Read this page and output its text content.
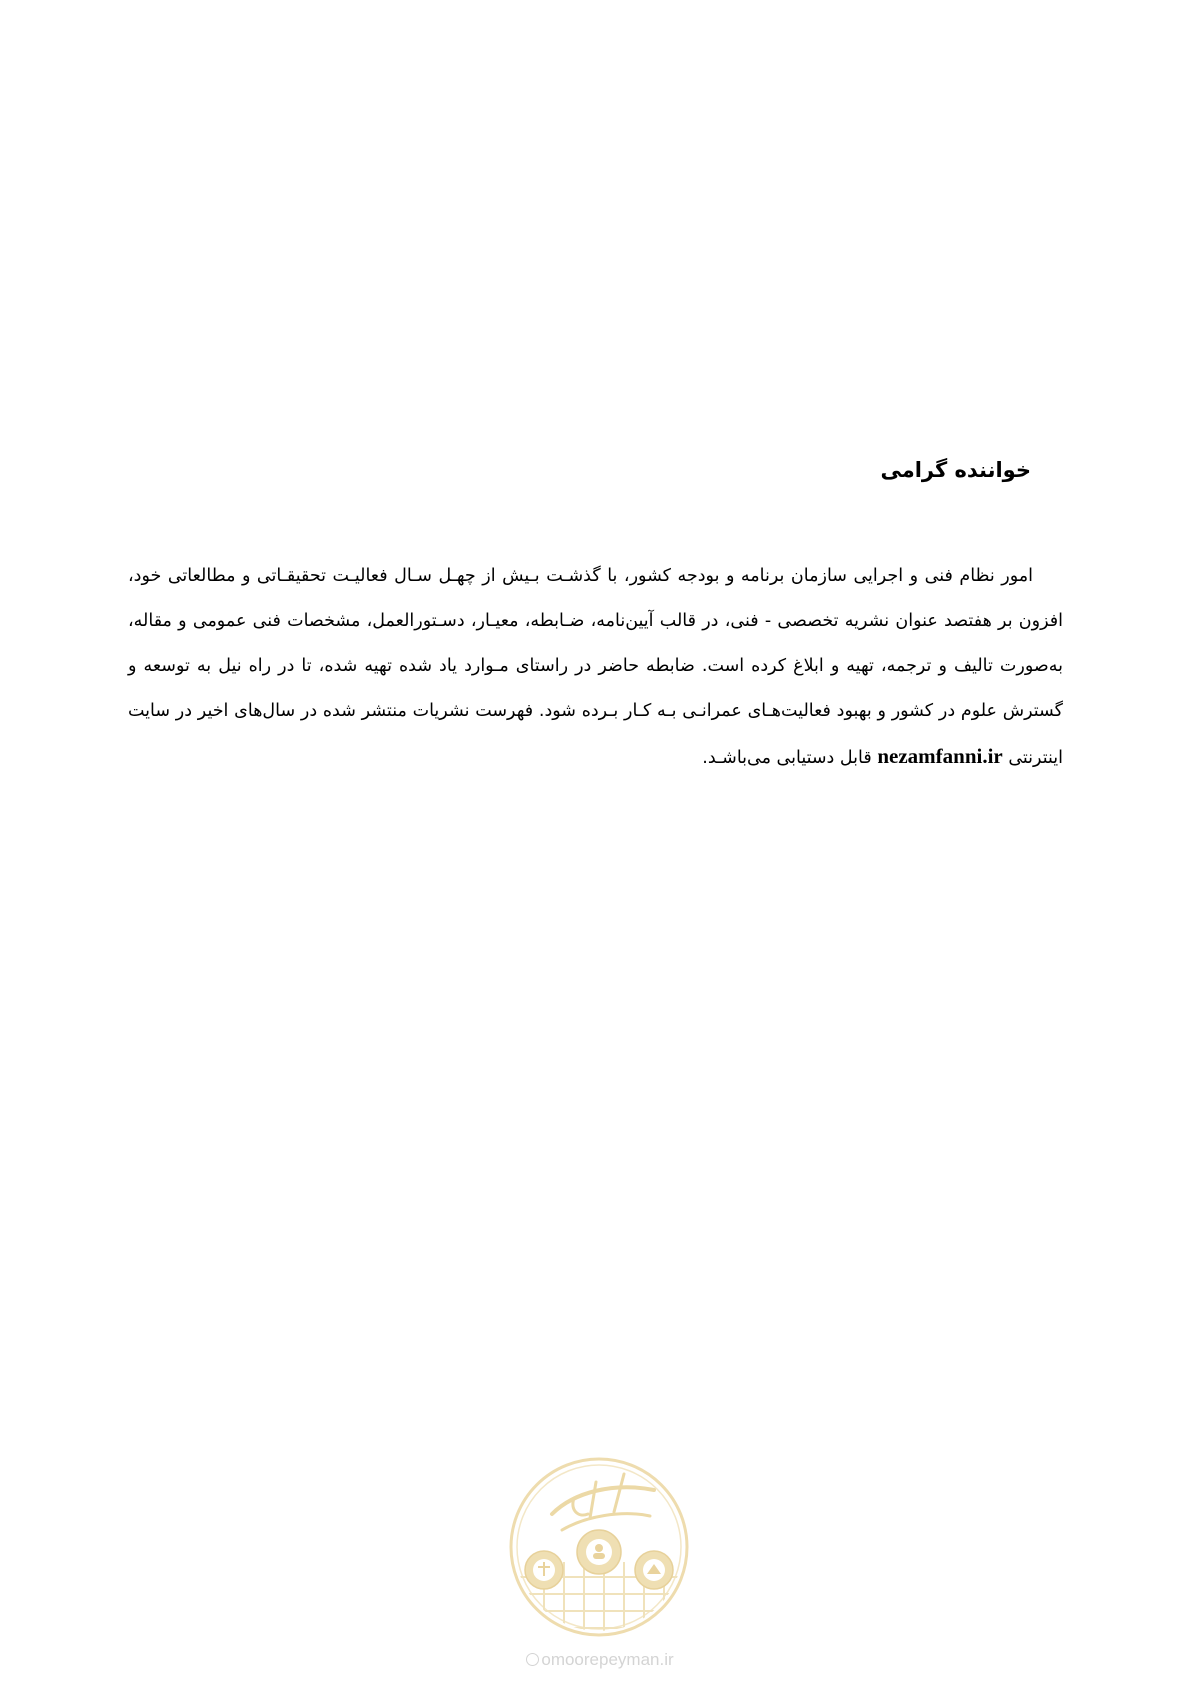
خواننده گرامی

امور نظام فنی و اجرایی سازمان برنامه و بودجه کشور، با گذشـت بـیش از چهـل سـال فعالیـت تحقیقـاتی و مطالعاتی خود، افزون بر هفتصد عنوان نشریه تخصصی - فنی، در قالب آیین‌نامه، ضـابطه، معیـار، دسـتورالعمل، مشخصات فنی عمومی و مقاله، به‌صورت تالیف و ترجمه، تهیه و ابلاغ کرده است. ضابطه حاضر در راستای مـوارد یاد شده تهیه شده، تا در راه نیل به توسعه و گسترش علوم در کشور و بهبود فعالیت‌هـای عمرانـی بـه کـار بـرده شود. فهرست نشریات منتشر شده در سال‌های اخیر در سایت اینترنتی nezamfanni.ir قابل دستیابی می‌باشـد.

omoorepeyman.ir
